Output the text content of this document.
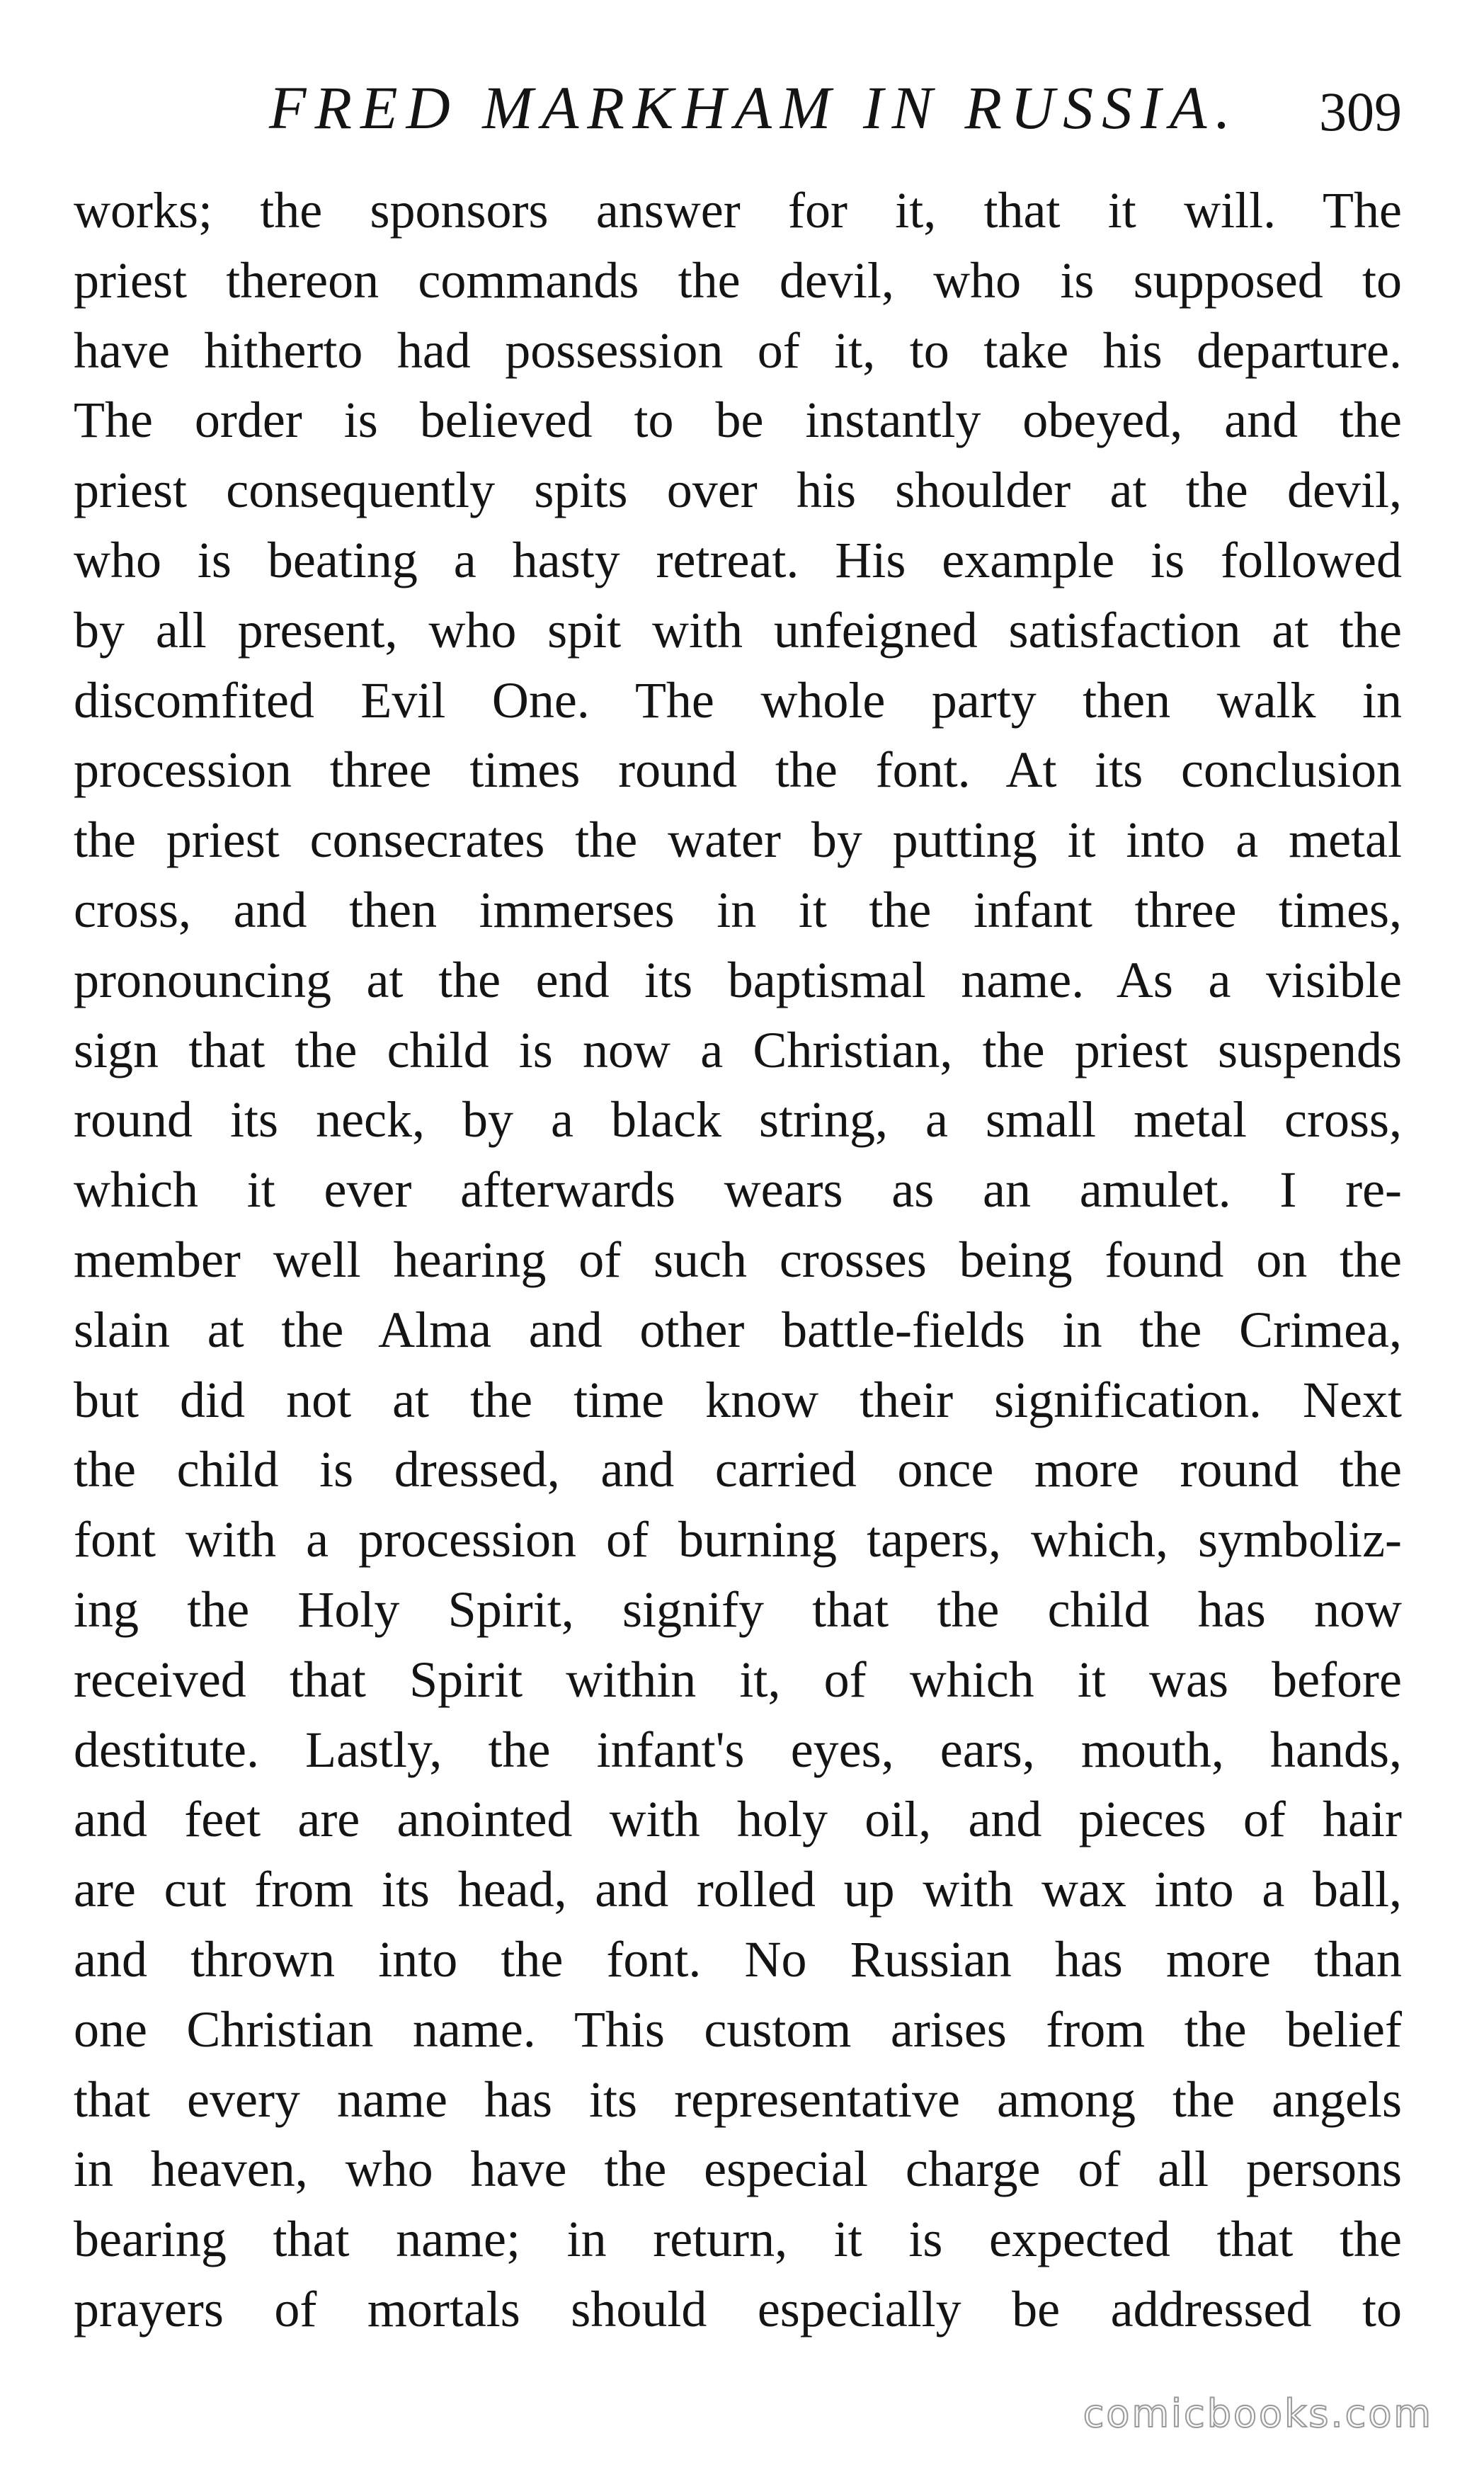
FRED MARKHAM IN RUSSIA. 309
works; the sponsors answer for it, that it will. The
priest thereon commands the devil, who is supposed to
have hitherto had possession of it, to take his departure.
The order is believed to be instantly obeyed, and the
priest consequently spits over his shoulder at the devil,
who is beating a hasty retreat. His example is followed
by all present, who spit with unfeigned satisfaction at the
discomfited Evil One. The whole party then walk in
procession three times round the font. At its conclusion
the priest consecrates the water by putting it into a metal
cross, and then immerses in it the infant three times,
pronouncing at the end its baptismal name. As a visible
sign that the child is now a Christian, the priest suspends
round its neck, by a black string, a small metal cross,
which it ever afterwards wears as an amulet. I re-
member well hearing of such crosses being found on the
slain at the Alma and other battle-fields in the Crimea,
but did not at the time know their signification. Next
the child is dressed, and carried once more round the
font with a procession of burning tapers, which, symboliz-
ing the Holy Spirit, signify that the child has now
received that Spirit within it, of which it was before
destitute. Lastly, the infant's eyes, ears, mouth, hands,
and feet are anointed with holy oil, and pieces of hair
are cut from its head, and rolled up with wax into a ball,
and thrown into the font. No Russian has more than
one Christian name. This custom arises from the belief
that every name has its representative among the angels
in heaven, who have the especial charge of all persons
bearing that name; in return, it is expected that the
prayers of mortals should especially be addressed to
comicbooks.com
